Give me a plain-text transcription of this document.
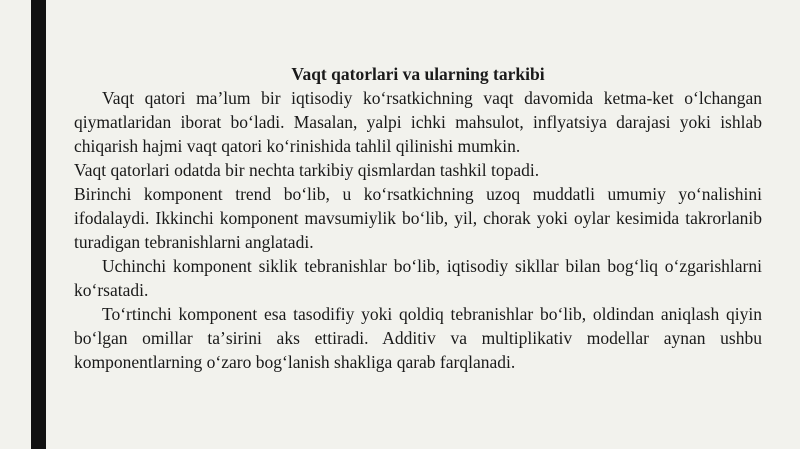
Vaqt qatorlari va ularning tarkibi

Vaqt qatori maʼlum bir iqtisodiy koʻrsatkichning vaqt davomida ketma-ket oʻlchangan qiymatlaridan iborat boʻladi. Masalan, yalpi ichki mahsulot, inflyatsiya darajasi yoki ishlab chiqarish hajmi vaqt qatori koʻrinishida tahlil qilinishi mumkin.

Vaqt qatorlari odatda bir nechta tarkibiy qismlardan tashkil topadi.

Birinchi komponent trend boʻlib, u koʻrsatkichning uzoq muddatli umumiy yoʻnalishini ifodalaydi. Ikkinchi komponent mavsumiylik boʻlib, yil, chorak yoki oylar kesimida takrorlanib turadigan tebranishlarni anglatadi.

Uchinchi komponent siklik tebranishlar boʻlib, iqtisodiy sikllar bilan bogʻliq oʻzgarishlarni koʻrsatadi.

Toʻrtinchi komponent esa tasodifiy yoki qoldiq tebranishlar boʻlib, oldindan aniqlash qiyin boʻlgan omillar taʼsirini aks ettiradi. Additiv va multiplikativ modellar aynan ushbu komponentlarning oʻzaro bogʻlanish shakliga qarab farqlanadi.
